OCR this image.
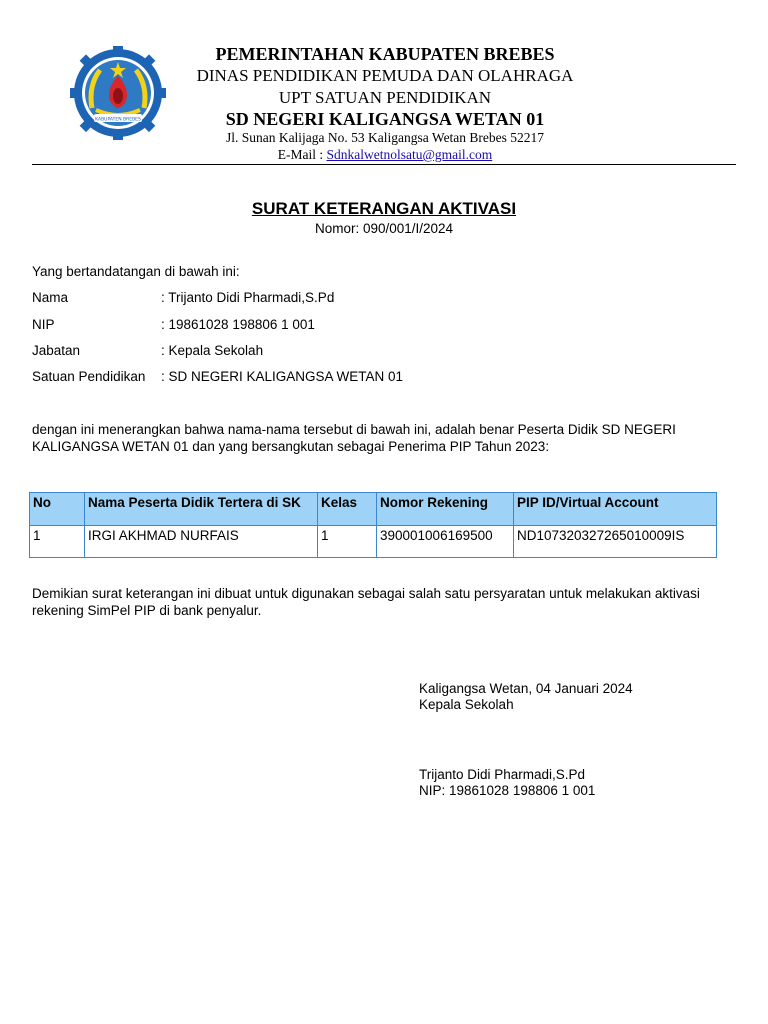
KABUPATEN BREBES
PEMERINTAHAN KABUPATEN BREBES
DINAS PENDIDIKAN PEMUDA DAN OLAHRAGA
UPT SATUAN PENDIDIKAN
SD NEGERI KALIGANGSA WETAN 01
Jl. Sunan Kalijaga No. 53 Kaligangsa Wetan Brebes 52217
E-Mail : Sdnkalwetnolsatu@gmail.com
SURAT KETERANGAN AKTIVASI
Nomor: 090/001/I/2024
Yang bertandatangan di bawah ini:
Nama	: Trijanto Didi Pharmadi,S.Pd
NIP	: 19861028 198806 1 001
Jabatan	: Kepala Sekolah
Satuan Pendidikan : SD NEGERI KALIGANGSA WETAN 01
dengan ini menerangkan bahwa nama-nama tersebut di bawah ini, adalah benar Peserta Didik SD NEGERI KALIGANGSA WETAN 01 dan yang bersangkutan sebagai Penerima PIP Tahun 2023:
No	Nama Peserta Didik Tertera di SK	Kelas	Nomor Rekening	PIP ID/Virtual Account
1	IRGI AKHMAD NURFAIS	1	390001006169500	ND107320327265010009IS
Demikian surat keterangan ini dibuat untuk digunakan sebagai salah satu persyaratan untuk melakukan aktivasi rekening SimPel PIP di bank penyalur.
Kaligangsa Wetan, 04 Januari 2024
Kepala Sekolah
Trijanto Didi Pharmadi,S.Pd
NIP: 19861028 198806 1 001
